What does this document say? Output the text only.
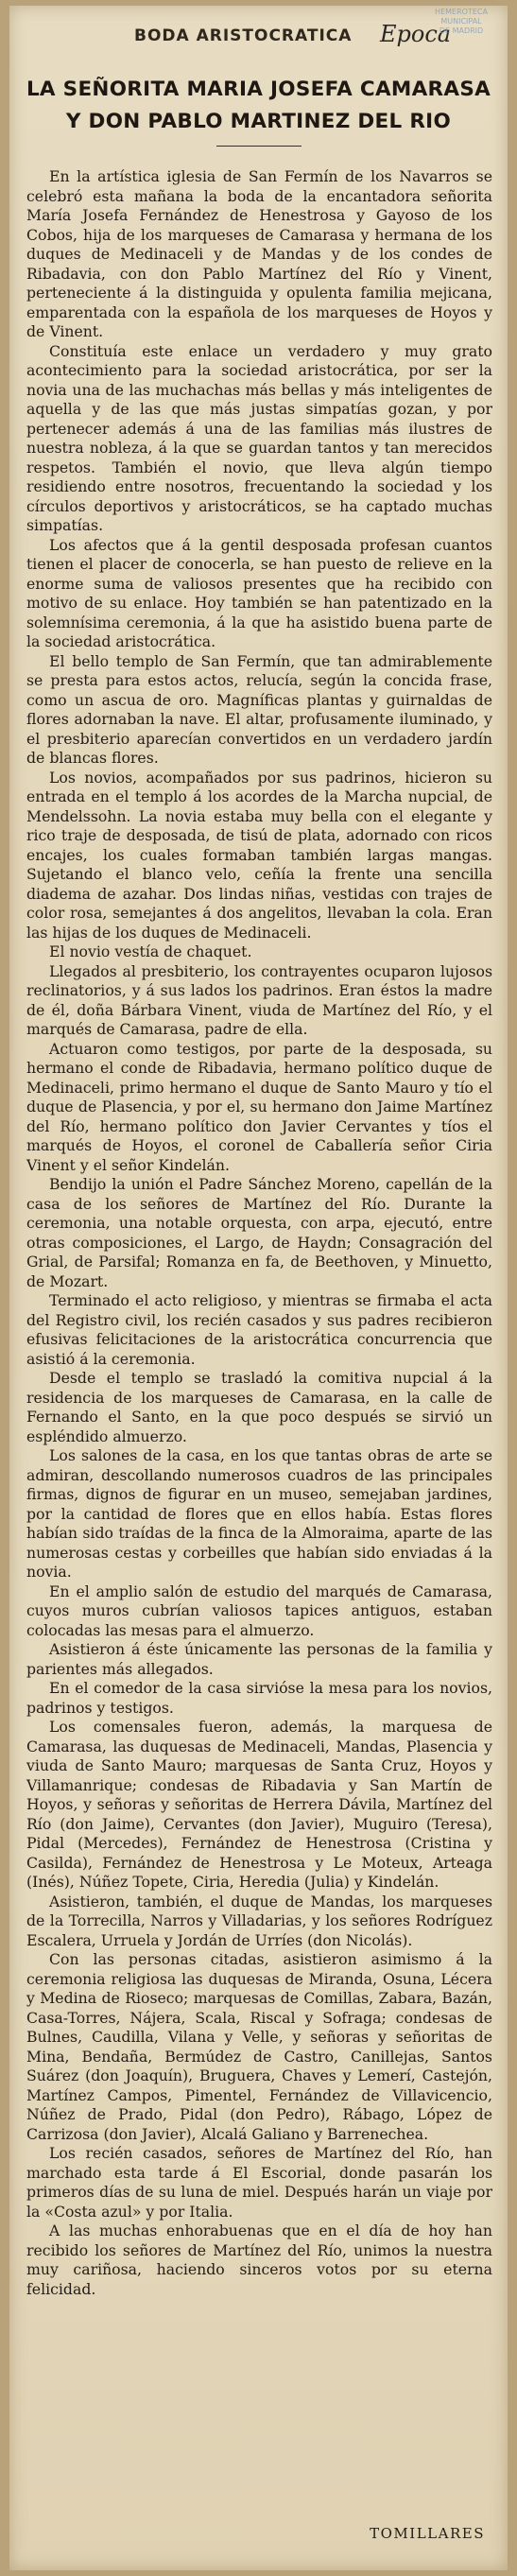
BODA ARISTOCRATICA Epoca
HEMEROTECA
MUNICIPAL
DE MADRID
LA SEÑORITA MARIA JOSEFA CAMARASA
Y DON PABLO MARTINEZ DEL RIO

En la artística iglesia de San Fermín de los Navarros se celebró esta mañana la boda de la encantadora señorita María Josefa Fernández de Henestrosa y Gayoso de los Cobos, hija de los marqueses de Camarasa y hermana de los duques de Medinaceli y de Mandas y de los condes de Ribadavia, con don Pablo Martínez del Río y Vinent, perteneciente á la distinguida y opulenta familia mejicana, emparentada con la española de los marqueses de Hoyos y de Vinent.

Constituía este enlace un verdadero y muy grato acontecimiento para la sociedad aristocrática, por ser la novia una de las muchachas más bellas y más inteligentes de aquella y de las que más justas simpatías gozan, y por pertenecer además á una de las familias más ilustres de nuestra nobleza, á la que se guardan tantos y tan merecidos respetos. También el novio, que lleva algún tiempo residiendo entre nosotros, frecuentando la sociedad y los círculos deportivos y aristocráticos, se ha captado muchas simpatías.

Los afectos que á la gentil desposada profesan cuantos tienen el placer de conocerla, se han puesto de relieve en la enorme suma de valiosos presentes que ha recibido con motivo de su enlace. Hoy también se han patentizado en la solemnísima ceremonia, á la que ha asistido buena parte de la sociedad aristocrática.

El bello templo de San Fermín, que tan admirablemente se presta para estos actos, relucía, según la concida frase, como un ascua de oro. Magníficas plantas y guirnaldas de flores adornaban la nave. El altar, profusamente iluminado, y el presbiterio aparecían convertidos en un verdadero jardín de blancas flores.

Los novios, acompañados por sus padrinos, hicieron su entrada en el templo á los acordes de la Marcha nupcial, de Mendelssohn. La novia estaba muy bella con el elegante y rico traje de desposada, de tisú de plata, adornado con ricos encajes, los cuales formaban también largas mangas. Sujetando el blanco velo, ceñía la frente una sencilla diadema de azahar. Dos lindas niñas, vestidas con trajes de color rosa, semejantes á dos angelitos, llevaban la cola. Eran las hijas de los duques de Medinaceli.

El novio vestía de chaquet.

Llegados al presbiterio, los contrayentes ocuparon lujosos reclinatorios, y á sus lados los padrinos. Eran éstos la madre de él, doña Bárbara Vinent, viuda de Martínez del Río, y el marqués de Camarasa, padre de ella.

Actuaron como testigos, por parte de la desposada, su hermano el conde de Ribadavia, hermano político duque de Medinaceli, primo hermano el duque de Santo Mauro y tío el duque de Plasencia, y por el, su hermano don Jaime Martínez del Río, hermano político don Javier Cervantes y tíos el marqués de Hoyos, el coronel de Caballería señor Ciria Vinent y el señor Kindelán.

Bendijo la unión el Padre Sánchez Moreno, capellán de la casa de los señores de Martínez del Río. Durante la ceremonia, una notable orquesta, con arpa, ejecutó, entre otras composiciones, el Largo, de Haydn; Consagración del Grial, de Parsifal; Romanza en fa, de Beethoven, y Minuetto, de Mozart.

Terminado el acto religioso, y mientras se firmaba el acta del Registro civil, los recién casados y sus padres recibieron efusivas felicitaciones de la aristocrática concurrencia que asistió á la ceremonia.

Desde el templo se trasladó la comitiva nupcial á la residencia de los marqueses de Camarasa, en la calle de Fernando el Santo, en la que poco después se sirvió un espléndido almuerzo.

Los salones de la casa, en los que tantas obras de arte se admiran, descollando numerosos cuadros de las principales firmas, dignos de figurar en un museo, semejaban jardines, por la cantidad de flores que en ellos había. Estas flores habían sido traídas de la finca de la Almoraima, aparte de las numerosas cestas y corbeilles que habían sido enviadas á la novia.

En el amplio salón de estudio del marqués de Camarasa, cuyos muros cubrían valiosos tapices antiguos, estaban colocadas las mesas para el almuerzo.

Asistieron á éste únicamente las personas de la familia y parientes más allegados.

En el comedor de la casa sirvióse la mesa para los novios, padrinos y testigos.

Los comensales fueron, además, la marquesa de Camarasa, las duquesas de Medinaceli, Mandas, Plasencia y viuda de Santo Mauro; marquesas de Santa Cruz, Hoyos y Villamanrique; condesas de Ribadavia y San Martín de Hoyos, y señoras y señoritas de Herrera Dávila, Martínez del Río (don Jaime), Cervantes (don Javier), Muguiro (Teresa), Pidal (Mercedes), Fernández de Henestrosa (Cristina y Casilda), Fernández de Henestrosa y Le Moteux, Arteaga (Inés), Núñez Topete, Ciria, Heredia (Julia) y Kindelán.

Asistieron, también, el duque de Mandas, los marqueses de la Torrecilla, Narros y Villadarias, y los señores Rodríguez Escalera, Urruela y Jordán de Urríes (don Nicolás).

Con las personas citadas, asistieron asimismo á la ceremonia religiosa las duquesas de Miranda, Osuna, Lécera y Medina de Rioseco; marquesas de Comillas, Zabara, Bazán, Casa-Torres, Nájera, Scala, Riscal y Sofraga; condesas de Bulnes, Caudilla, Vilana y Velle, y señoras y señoritas de Mina, Bendaña, Bermúdez de Castro, Canillejas, Santos Suárez (don Joaquín), Bruguera, Chaves y Lemerí, Castejón, Martínez Campos, Pimentel, Fernández de Villavicencio, Núñez de Prado, Pidal (don Pedro), Rábago, López de Carrizosa (don Javier), Alcalá Galiano y Barrenechea.

Los recién casados, señores de Martínez del Río, han marchado esta tarde á El Escorial, donde pasarán los primeros días de su luna de miel. Después harán un viaje por la «Costa azul» y por Italia.

A las muchas enhorabuenas que en el día de hoy han recibido los señores de Martínez del Río, unimos la nuestra muy cariñosa, haciendo sinceros votos por su eterna felicidad.

TOMILLARES
